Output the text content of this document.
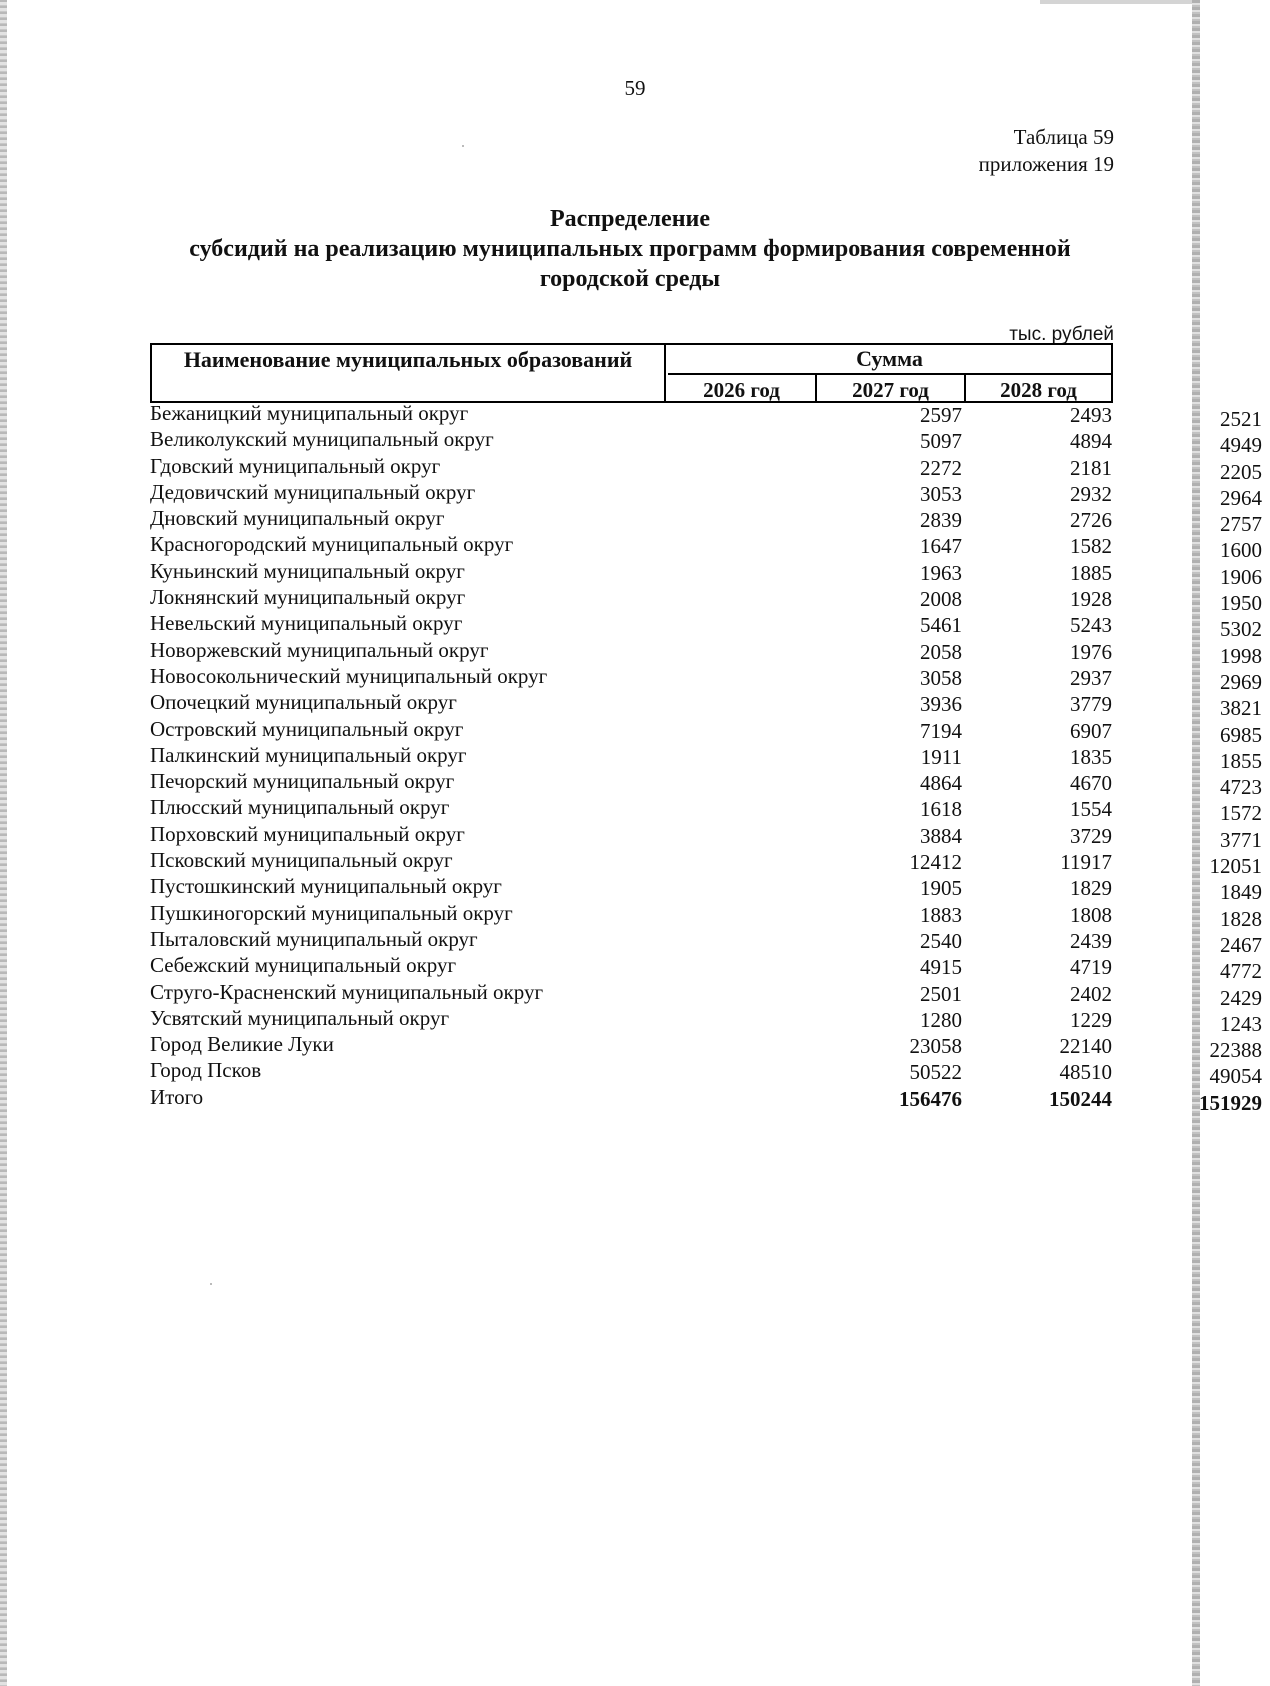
59
Таблица 59
приложения 19
Распределение
субсидий на реализацию муниципальных программ формирования современной
городской среды
тыс. рублей
Наименование муниципальных образований	Сумма
2026 год	2027 год	2028 год
Бежаницкий муниципальный округ	2597	2493	2521
Великолукский муниципальный округ	5097	4894	4949
Гдовский муниципальный округ	2272	2181	2205
Дедовичский муниципальный округ	3053	2932	2964
Дновский муниципальный округ	2839	2726	2757
Красногородский муниципальный округ	1647	1582	1600
Куньинский муниципальный округ	1963	1885	1906
Локнянский муниципальный округ	2008	1928	1950
Невельский муниципальный округ	5461	5243	5302
Новоржевский муниципальный округ	2058	1976	1998
Новосокольнический муниципальный округ	3058	2937	2969
Опочецкий муниципальный округ	3936	3779	3821
Островский муниципальный округ	7194	6907	6985
Палкинский муниципальный округ	1911	1835	1855
Печорский муниципальный округ	4864	4670	4723
Плюсский муниципальный округ	1618	1554	1572
Порховский муниципальный округ	3884	3729	3771
Псковский муниципальный округ	12412	11917	12051
Пустошкинский муниципальный округ	1905	1829	1849
Пушкиногорский муниципальный округ	1883	1808	1828
Пыталовский муниципальный округ	2540	2439	2467
Себежский муниципальный округ	4915	4719	4772
Струго-Красненский муниципальный округ	2501	2402	2429
Усвятский муниципальный округ	1280	1229	1243
Город Великие Луки	23058	22140	22388
Город Псков	50522	48510	49054
Итого	156476	150244	151929
